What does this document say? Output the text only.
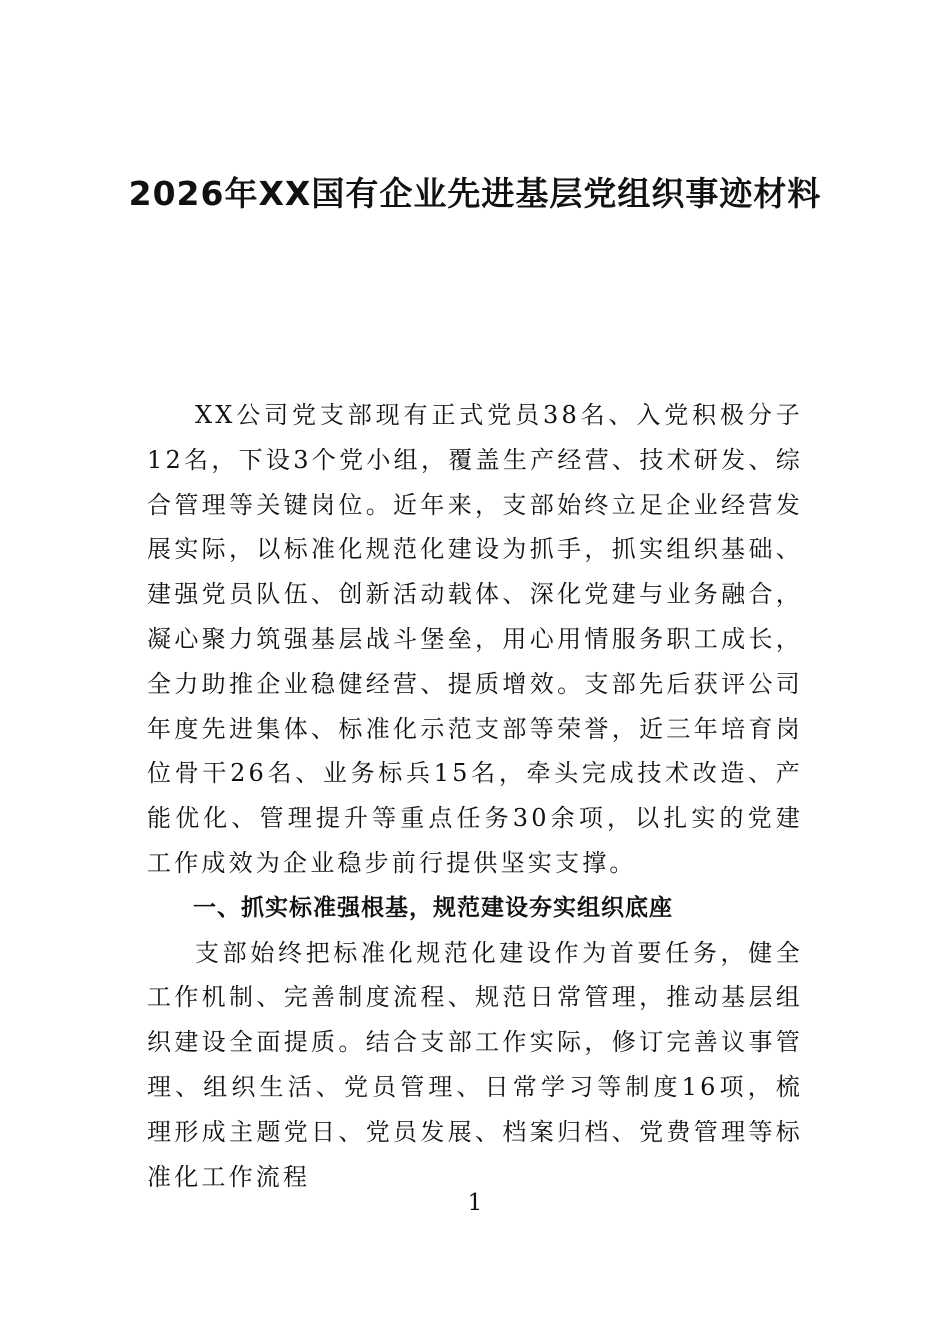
2026年XX国有企业先进基层党组织事迹材料

XX公司党支部现有正式党员38名、入党积极分子12名，下设3个党小组，覆盖生产经营、技术研发、综合管理等关键岗位。近年来，支部始终立足企业经营发展实际，以标准化规范化建设为抓手，抓实组织基础、建强党员队伍、创新活动载体、深化党建与业务融合，凝心聚力筑强基层战斗堡垒，用心用情服务职工成长，全力助推企业稳健经营、提质增效。支部先后获评公司年度先进集体、标准化示范支部等荣誉，近三年培育岗位骨干26名、业务标兵15名，牵头完成技术改造、产能优化、管理提升等重点任务30余项，以扎实的党建工作成效为企业稳步前行提供坚实支撑。

一、抓实标准强根基，规范建设夯实组织底座

支部始终把标准化规范化建设作为首要任务，健全工作机制、完善制度流程、规范日常管理，推动基层组织建设全面提质。结合支部工作实际，修订完善议事管理、组织生活、党员管理、日常学习等制度16项，梳理形成主题党日、党员发展、档案归档、党费管理等标准化工作流程

1
